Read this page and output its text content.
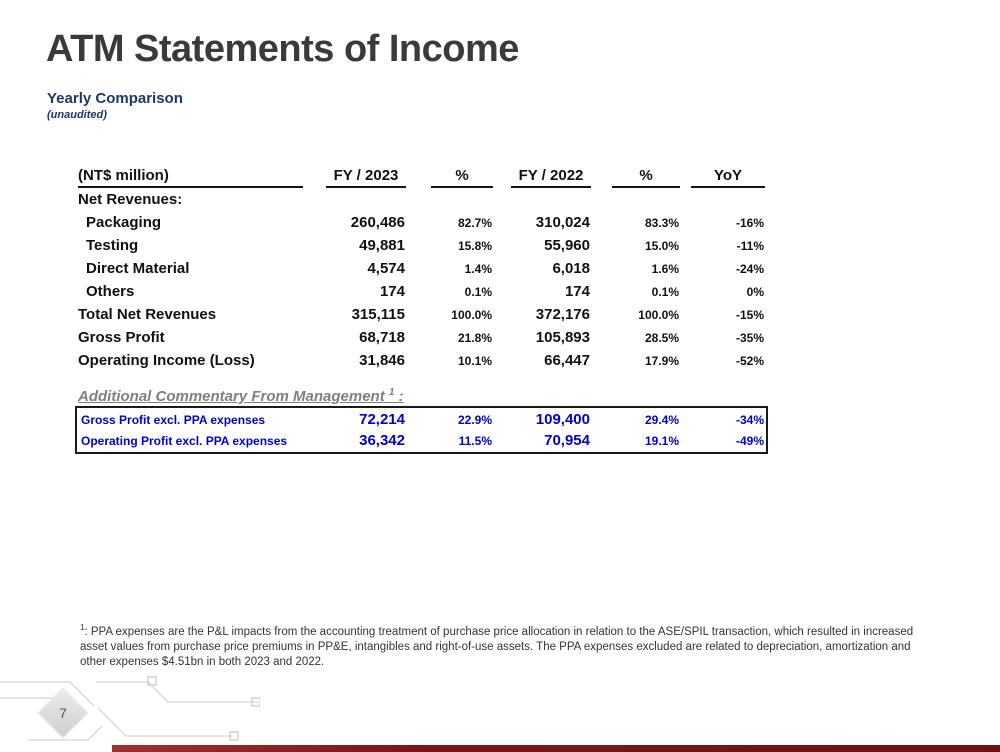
ATM Statements of Income
Yearly Comparison
(unaudited)
(NT$ million)	FY / 2023	%	FY / 2022	%	YoY

Net Revenues:					
Packaging	260,486	82.7%	310,024	83.3%	-16%
Testing	49,881	15.8%	55,960	15.0%	-11%
Direct Material	4,574	1.4%	6,018	1.6%	-24%
Others	174	0.1%	174	0.1%	0%
Total Net Revenues	315,115	100.0%	372,176	100.0%	-15%
Gross Profit	68,718	21.8%	105,893	28.5%	-35%
Operating Income (Loss)	31,846	10.1%	66,447	17.9%	-52%
Additional Commentary From Management $^1$ :
Gross Profit excl. PPA expenses	72,214	22.9%	109,400	29.4%	-34%
Operating Profit excl. PPA expenses	36,342	11.5%	70,954	19.1%	-49%
$^1$: PPA expenses are the P&L impacts from the accounting treatment of purchase price allocation in relation to the ASE/SPIL transaction, which resulted in increased asset values from purchase price premiums in PP&E, intangibles and right-of-use assets. The PPA expenses excluded are related to depreciation, amortization and other expenses $4.51bn in both 2023 and 2022.
7
